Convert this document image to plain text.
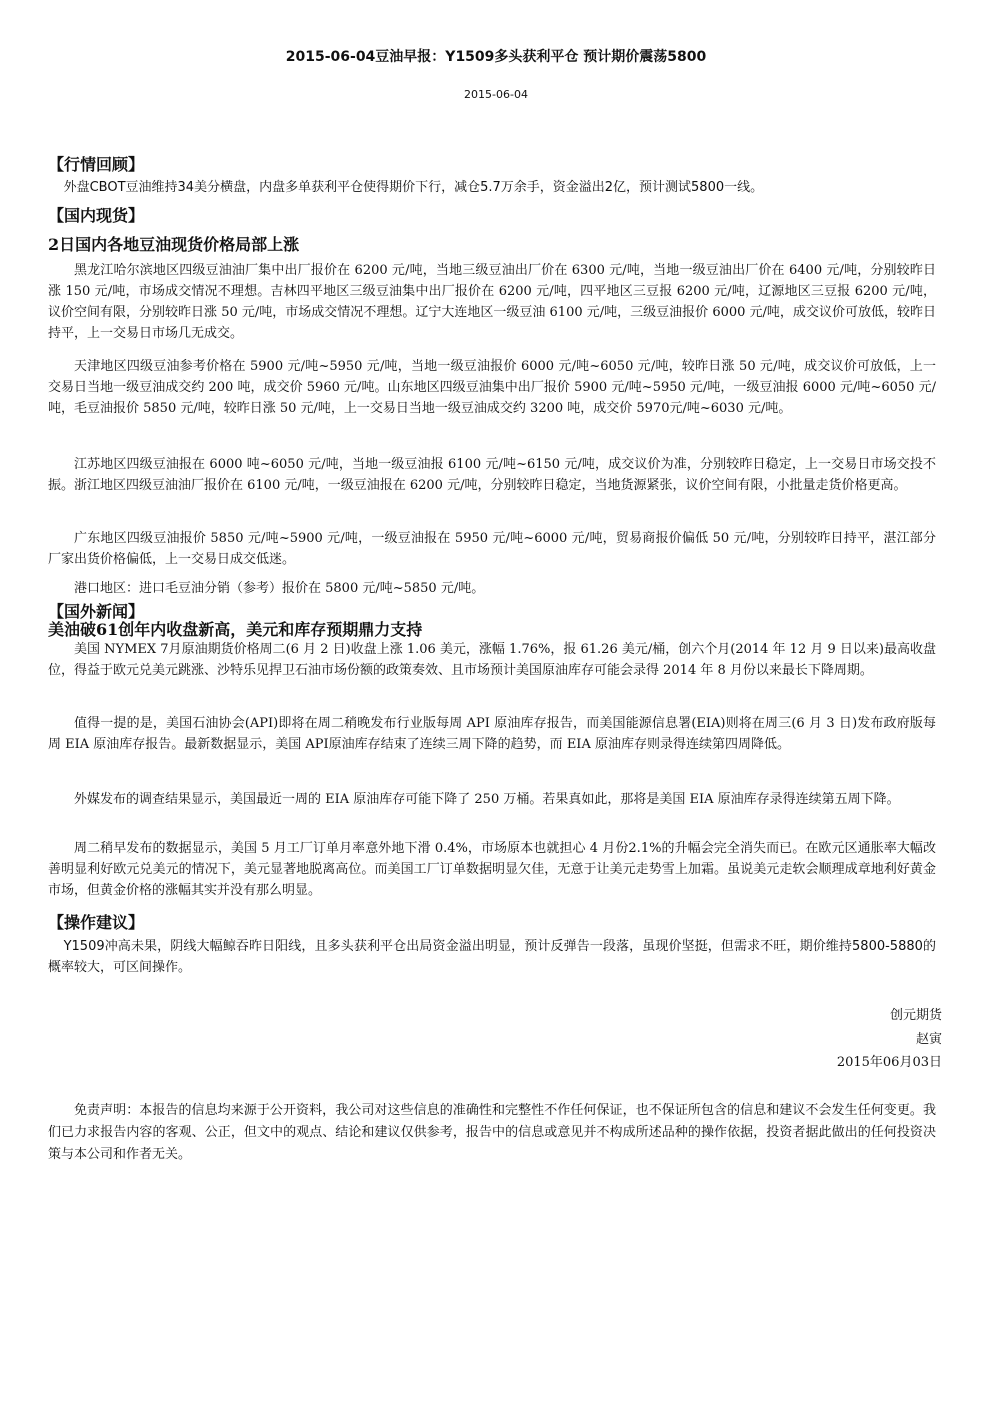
2015-06-04豆油早报：Y1509多头获利平仓 预计期价震荡5800
2015-06-04
【行情回顾】
外盘CBOT豆油维持34美分横盘，内盘多单获利平仓使得期价下行，减仓5.7万余手，资金溢出2亿，预计测试5800一线。
【国内现货】
2日国内各地豆油现货价格局部上涨
黑龙江哈尔滨地区四级豆油油厂集中出厂报价在 6200 元/吨，当地三级豆油出厂价在 6300 元/吨，当地一级豆油出厂价在 6400 元/吨，分别较昨日涨 150 元/吨，市场成交情况不理想。吉林四平地区三级豆油集中出厂报价在 6200 元/吨，四平地区三豆报 6200 元/吨，辽源地区三豆报 6200 元/吨，议价空间有限，分别较昨日涨 50 元/吨，市场成交情况不理想。辽宁大连地区一级豆油 6100 元/吨，三级豆油报价 6000 元/吨，成交议价可放低，较昨日持平，上一交易日市场几无成交。
天津地区四级豆油参考价格在 5900 元/吨~5950 元/吨，当地一级豆油报价 6000 元/吨~6050 元/吨，较昨日涨 50 元/吨，成交议价可放低，上一交易日当地一级豆油成交约 200 吨，成交价 5960 元/吨。山东地区四级豆油集中出厂报价 5900 元/吨~5950 元/吨，一级豆油报 6000 元/吨~6050 元/吨，毛豆油报价 5850 元/吨，较昨日涨 50 元/吨，上一交易日当地一级豆油成交约 3200 吨，成交价 5970元/吨~6030 元/吨。
江苏地区四级豆油报在 6000 吨~6050 元/吨，当地一级豆油报 6100 元/吨~6150 元/吨，成交议价为准，分别较昨日稳定，上一交易日市场交投不振。浙江地区四级豆油油厂报价在 6100 元/吨，一级豆油报在 6200 元/吨，分别较昨日稳定，当地货源紧张，议价空间有限，小批量走货价格更高。
广东地区四级豆油报价 5850 元/吨~5900 元/吨，一级豆油报在 5950 元/吨~6000 元/吨，贸易商报价偏低 50 元/吨，分别较昨日持平，湛江部分厂家出货价格偏低，上一交易日成交低迷。
港口地区：进口毛豆油分销（参考）报价在 5800 元/吨~5850 元/吨。
【国外新闻】
美油破61创年内收盘新高，美元和库存预期鼎力支持
美国 NYMEX 7月原油期货价格周二(6 月 2 日)收盘上涨 1.06 美元，涨幅 1.76%，报 61.26 美元/桶，创六个月(2014 年 12 月 9 日以来)最高收盘位，得益于欧元兑美元跳涨、沙特乐见捍卫石油市场份额的政策奏效、且市场预计美国原油库存可能会录得 2014 年 8 月份以来最长下降周期。
值得一提的是，美国石油协会(API)即将在周二稍晚发布行业版每周 API 原油库存报告，而美国能源信息署(EIA)则将在周三(6 月 3 日)发布政府版每周 EIA 原油库存报告。最新数据显示，美国 API原油库存结束了连续三周下降的趋势，而 EIA 原油库存则录得连续第四周降低。
外媒发布的调查结果显示，美国最近一周的 EIA 原油库存可能下降了 250 万桶。若果真如此，那将是美国 EIA 原油库存录得连续第五周下降。
周二稍早发布的数据显示，美国 5 月工厂订单月率意外地下滑 0.4%，市场原本也就担心 4 月份2.1%的升幅会完全消失而已。在欧元区通胀率大幅改善明显利好欧元兑美元的情况下，美元显著地脱离高位。而美国工厂订单数据明显欠佳，无意于让美元走势雪上加霜。虽说美元走软会顺理成章地利好黄金市场，但黄金价格的涨幅其实并没有那么明显。
【操作建议】
Y1509冲高未果，阴线大幅鲸吞昨日阳线，且多头获利平仓出局资金溢出明显，预计反弹告一段落，虽现价坚挺，但需求不旺，期价维持5800-5880的概率较大，可区间操作。
创元期货
赵寅
2015年06月03日
免责声明：本报告的信息均来源于公开资料，我公司对这些信息的准确性和完整性不作任何保证，也不保证所包含的信息和建议不会发生任何变更。我们已力求报告内容的客观、公正，但文中的观点、结论和建议仅供参考，报告中的信息或意见并不构成所述品种的操作依据，投资者据此做出的任何投资决策与本公司和作者无关。
